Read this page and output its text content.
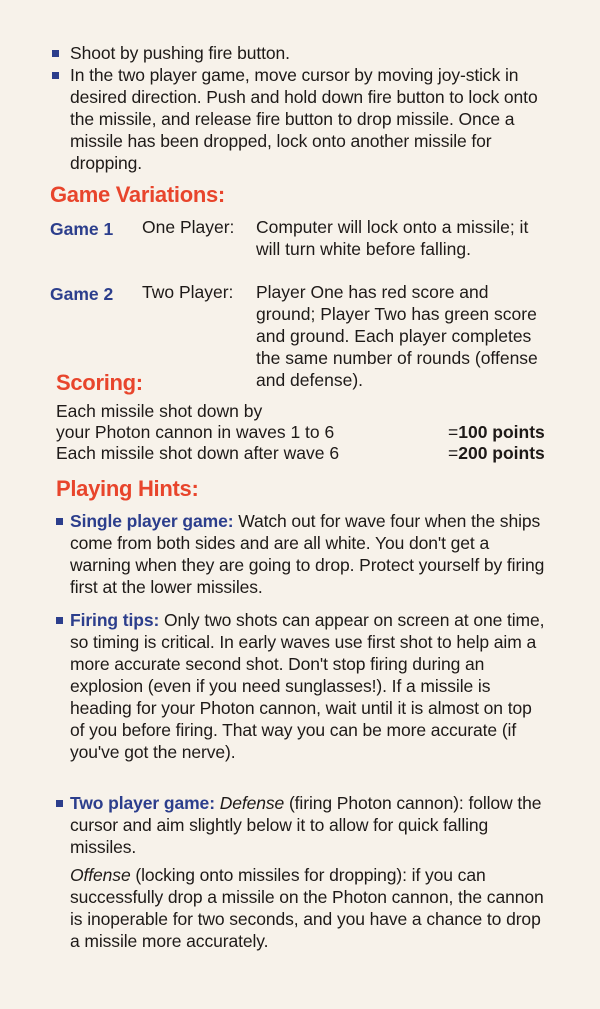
Shoot by pushing fire button.
In the two player game, move cursor by moving joy-stick in desired direction. Push and hold down fire button to lock onto the missile, and release fire button to drop missile. Once a missile has been dropped, lock onto another missile for dropping.
Game Variations:
Game 1 One Player: Computer will lock onto a missile; it will turn white before falling.
Game 2 Two Player: Player One has red score and ground; Player Two has green score and ground. Each player completes the same number of rounds (offense and defense).
Scoring:
Each missile shot down by
your Photon cannon in waves 1 to 6	=100 points
Each missile shot down after wave 6	=200 points
Playing Hints:
Single player game: Watch out for wave four when the ships come from both sides and are all white. You don't get a warning when they are going to drop. Protect yourself by firing first at the lower missiles.
Firing tips: Only two shots can appear on screen at one time, so timing is critical. In early waves use first shot to help aim a more accurate second shot. Don't stop firing during an explosion (even if you need sunglasses!). If a missile is heading for your Photon cannon, wait until it is almost on top of you before firing. That way you can be more accurate (if you've got the nerve).
Two player game: Defense (firing Photon cannon): follow the cursor and aim slightly below it to allow for quick falling missiles.
Offense (locking onto missiles for dropping): if you can successfully drop a missile on the Photon cannon, the cannon is inoperable for two seconds, and you have a chance to drop a missile more accurately.
